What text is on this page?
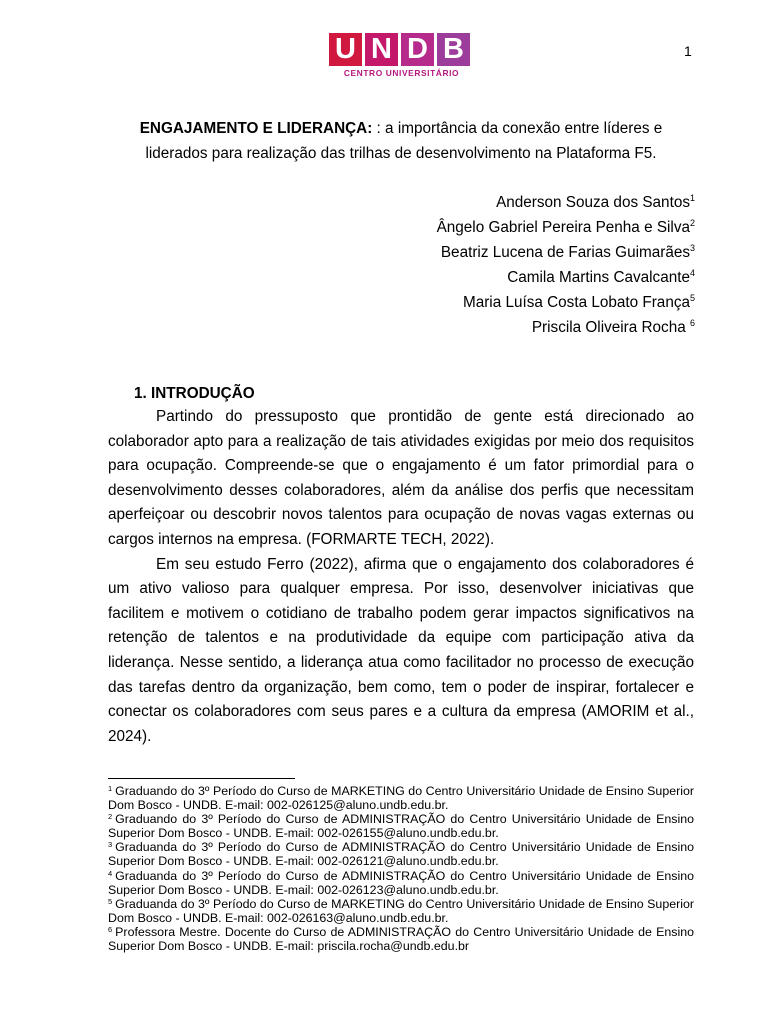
U N D B
CENTRO UNIVERSITÁRIO
1
ENGAJAMENTO E LIDERANÇA: : a importância da conexão entre líderes e liderados para realização das trilhas de desenvolvimento na Plataforma F5.
Anderson Souza dos Santos$^1$
Ângelo Gabriel Pereira Penha e Silva$^2$
Beatriz Lucena de Farias Guimarães$^3$
Camila Martins Cavalcante$^4$
Maria Luísa Costa Lobato França$^5$
Priscila Oliveira Rocha $^6$
1. INTRODUÇÃO

Partindo do pressuposto que prontidão de gente está direcionado ao colaborador apto para a realização de tais atividades exigidas por meio dos requisitos para ocupação. Compreende-se que o engajamento é um fator primordial para o desenvolvimento desses colaboradores, além da análise dos perfis que necessitam aperfeiçoar ou descobrir novos talentos para ocupação de novas vagas externas ou cargos internos na empresa. (FORMARTE TECH, 2022).

Em seu estudo Ferro (2022), afirma que o engajamento dos colaboradores é um ativo valioso para qualquer empresa. Por isso, desenvolver iniciativas que facilitem e motivem o cotidiano de trabalho podem gerar impactos significativos na retenção de talentos e na produtividade da equipe com participação ativa da liderança. Nesse sentido, a liderança atua como facilitador no processo de execução das tarefas dentro da organização, bem como, tem o poder de inspirar, fortalecer e conectar os colaboradores com seus pares e a cultura da empresa (AMORIM et al., 2024).

$^1$ Graduando do 3º Período do Curso de MARKETING do Centro Universitário Unidade de Ensino Superior Dom Bosco - UNDB. E-mail: 002-026125@aluno.undb.edu.br.

$^2$ Graduando do 3º Período do Curso de ADMINISTRAÇÃO do Centro Universitário Unidade de Ensino Superior Dom Bosco - UNDB. E-mail: 002-026155@aluno.undb.edu.br.

$^3$ Graduanda do 3º Período do Curso de ADMINISTRAÇÃO do Centro Universitário Unidade de Ensino Superior Dom Bosco - UNDB. E-mail: 002-026121@aluno.undb.edu.br.

$^4$ Graduanda do 3º Período do Curso de ADMINISTRAÇÃO do Centro Universitário Unidade de Ensino Superior Dom Bosco - UNDB. E-mail: 002-026123@aluno.undb.edu.br.

$^5$ Graduanda do 3º Período do Curso de MARKETING do Centro Universitário Unidade de Ensino Superior Dom Bosco - UNDB. E-mail: 002-026163@aluno.undb.edu.br.

$^6$ Professora Mestre. Docente do Curso de ADMINISTRAÇÃO do Centro Universitário Unidade de Ensino Superior Dom Bosco - UNDB. E-mail: priscila.rocha@undb.edu.br
